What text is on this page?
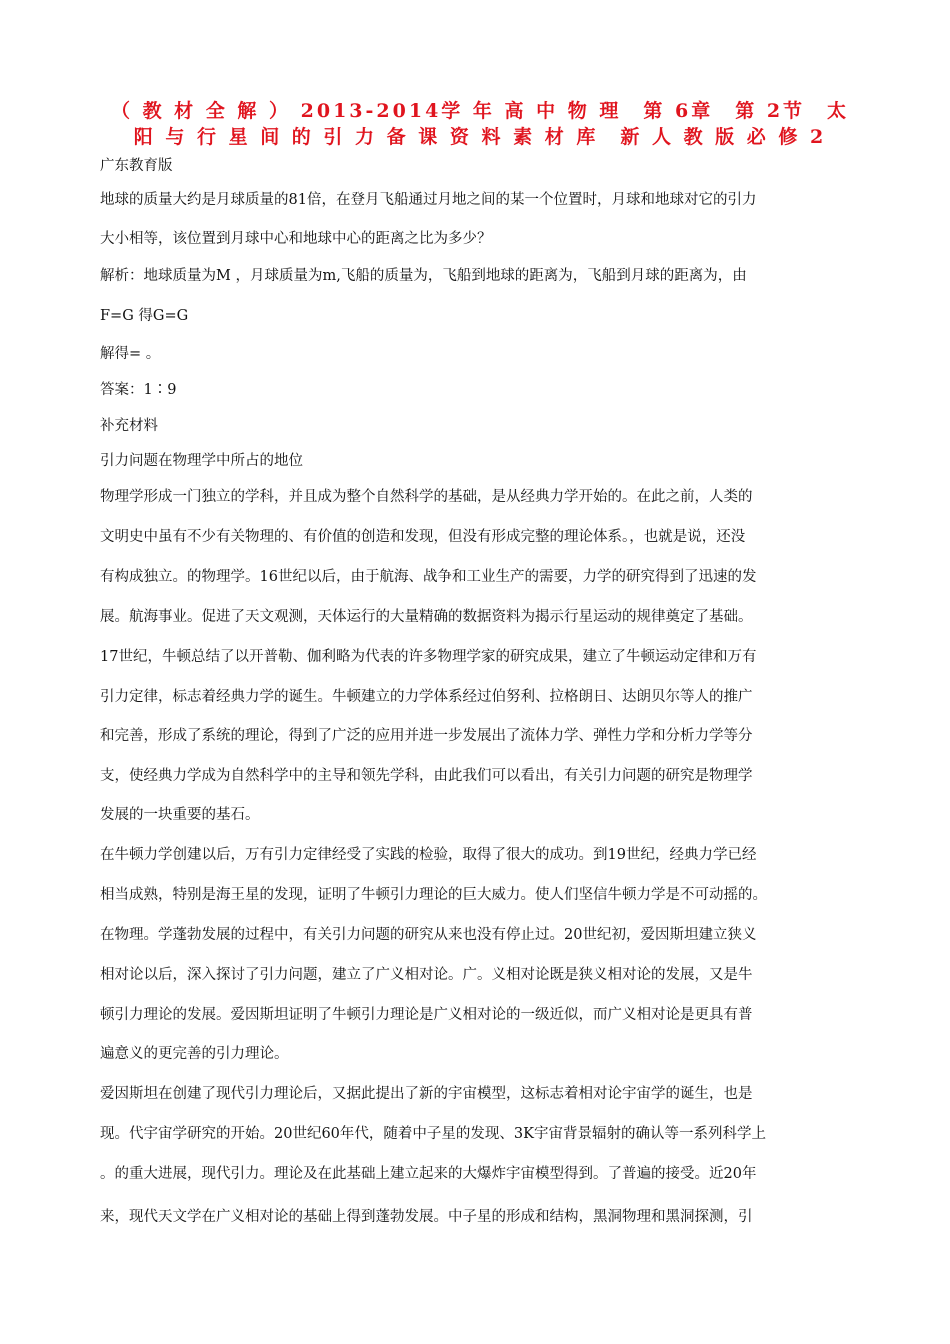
（ 教 材 全 解 ） 2013-2014学 年 高 中 物 理　第 6章　第 2节　太 阳 与 行 星 间 的 引 力 备 课 资 料 素 材 库　新 人 教 版 必 修 2

广东教育版

地球的质量大约是月球质量的81倍，在登月飞船通过月地之间的某一个位置时，月球和地球对它的引力

大小相等，该位置到月球中心和地球中心的距离之比为多少？

解析：地球质量为M ，月球质量为m,飞船的质量为，飞船到地球的距离为，飞船到月球的距离为，由

F=G 得G=G

解得= 。

答案：1∶9

补充材料

引力问题在物理学中所占的地位

物理学形成一门独立的学科，并且成为整个自然科学的基础，是从经典力学开始的。在此之前，人类的

文明史中虽有不少有关物理的、有价值的创造和发现，但没有形成完整的理论体系。，也就是说，还没

有构成独立。的物理学。16世纪以后，由于航海、战争和工业生产的需要，力学的研究得到了迅速的发

展。航海事业。促进了天文观测，天体运行的大量精确的数据资料为揭示行星运动的规律奠定了基础。

17世纪，牛顿总结了以开普勒、伽利略为代表的许多物理学家的研究成果，建立了牛顿运动定律和万有

引力定律，标志着经典力学的诞生。牛顿建立的力学体系经过伯努利、拉格朗日、达朗贝尔等人的推广

和完善，形成了系统的理论，得到了广泛的应用并进一步发展出了流体力学、弹性力学和分析力学等分

支，使经典力学成为自然科学中的主导和领先学科，由此我们可以看出，有关引力问题的研究是物理学

发展的一块重要的基石。

在牛顿力学创建以后，万有引力定律经受了实践的检验，取得了很大的成功。到19世纪，经典力学已经

相当成熟，特别是海王星的发现，证明了牛顿引力理论的巨大威力。使人们坚信牛顿力学是不可动摇的。

在物理。学蓬勃发展的过程中，有关引力问题的研究从来也没有停止过。20世纪初，爱因斯坦建立狭义

相对论以后，深入探讨了引力问题，建立了广义相对论。广。义相对论既是狭义相对论的发展，又是牛

顿引力理论的发展。爱因斯坦证明了牛顿引力理论是广义相对论的一级近似，而广义相对论是更具有普

遍意义的更完善的引力理论。

爱因斯坦在创建了现代引力理论后，又据此提出了新的宇宙模型，这标志着相对论宇宙学的诞生，也是

现。代宇宙学研究的开始。20世纪60年代，随着中子星的发现、3K宇宙背景辐射的确认等一系列科学上

。的重大进展，现代引力。理论及在此基础上建立起来的大爆炸宇宙模型得到。了普遍的接受。近20年

来，现代天文学在广义相对论的基础上得到蓬勃发展。中子星的形成和结构，黑洞物理和黑洞探测，引
